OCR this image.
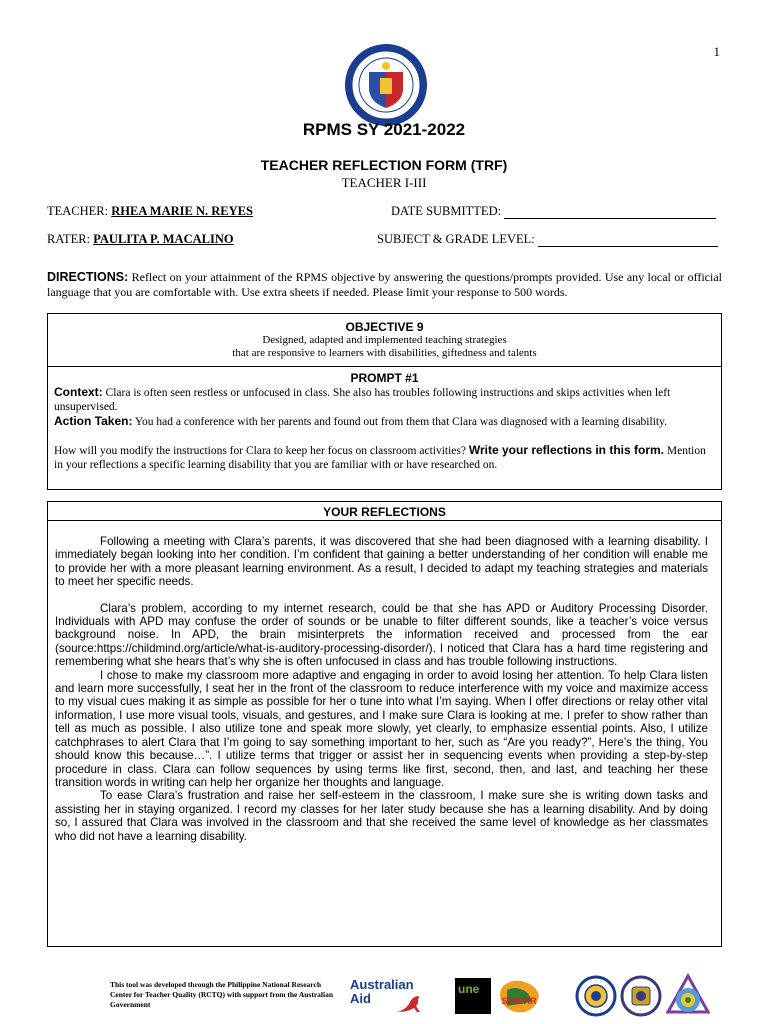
1
RPMS SY 2021-2022
TEACHER REFLECTION FORM (TRF)
TEACHER I-III
TEACHER: RHEA MARIE N. REYES	DATE SUBMITTED:
RATER: PAULITA P. MACALINO	SUBJECT & GRADE LEVEL:
DIRECTIONS: Reflect on your attainment of the RPMS objective by answering the questions/prompts provided. Use any local or official language that you are comfortable with. Use extra sheets if needed. Please limit your response to 500 words.
OBJECTIVE 9
Designed, adapted and implemented teaching strategies
that are responsive to learners with disabilities, giftedness and talents
PROMPT #1

Context: Clara is often seen restless or unfocused in class. She also has troubles following instructions and skips activities when left unsupervised.

Action Taken: You had a conference with her parents and found out from them that Clara was diagnosed with a learning disability.

How will you modify the instructions for Clara to keep her focus on classroom activities? Write your reflections in this form. Mention in your reflections a specific learning disability that you are familiar with or have researched on.

YOUR REFLECTIONS

Following a meeting with Clara’s parents, it was discovered that she had been diagnosed with a learning disability. I immediately began looking into her condition. I’m confident that gaining a better understanding of her condition will enable me to provide her with a more pleasant learning environment. As a result, I decided to adapt my teaching strategies and materials to meet her specific needs.

Clara’s problem, according to my internet research, could be that she has APD or Auditory Processing Disorder. Individuals with APD may confuse the order of sounds or be unable to filter different sounds, like a teacher’s voice versus background noise. In APD, the brain misinterprets the information received and processed from the ear (source:https://childmind.org/article/what-is-auditory-processing-disorder/). I noticed that Clara has a hard time registering and remembering what she hears that’s why she is often unfocused in class and has trouble following instructions.

I chose to make my classroom more adaptive and engaging in order to avoid losing her attention. To help Clara listen and learn more successfully, I seat her in the front of the classroom to reduce interference with my voice and maximize access to my visual cues making it as simple as possible for her o tune into what I’m saying. When I offer directions or relay other vital information, I use more visual tools, visuals, and gestures, and I make sure Clara is looking at me. I prefer to show rather than tell as much as possible. I also utilize tone and speak more slowly, yet clearly, to emphasize essential points. Also, I utilize catchphrases to alert Clara that I’m going to say something important to her, such as “Are you ready?”, Here’s the thing, You should know this because…”. I utilize terms that trigger or assist her in sequencing events when providing a step-by-step procedure in class. Clara can follow sequences by using terms like first, second, then, and last, and teaching her these transition words in writing can help her organize her thoughts and language.

To ease Clara’s frustration and raise her self-esteem in the classroom, I make sure she is writing down tasks and assisting her in staying organized. I record my classes for her later study because she has a learning disability. And by doing so, I assured that Clara was involved in the classroom and that she received the same level of knowledge as her classmates who did not have a learning disability.

This tool was developed through the Philippine National Research Center for Teacher Quality (RCTQ) with support from the Australian Government
Australian
Aid
une
SiMERR
